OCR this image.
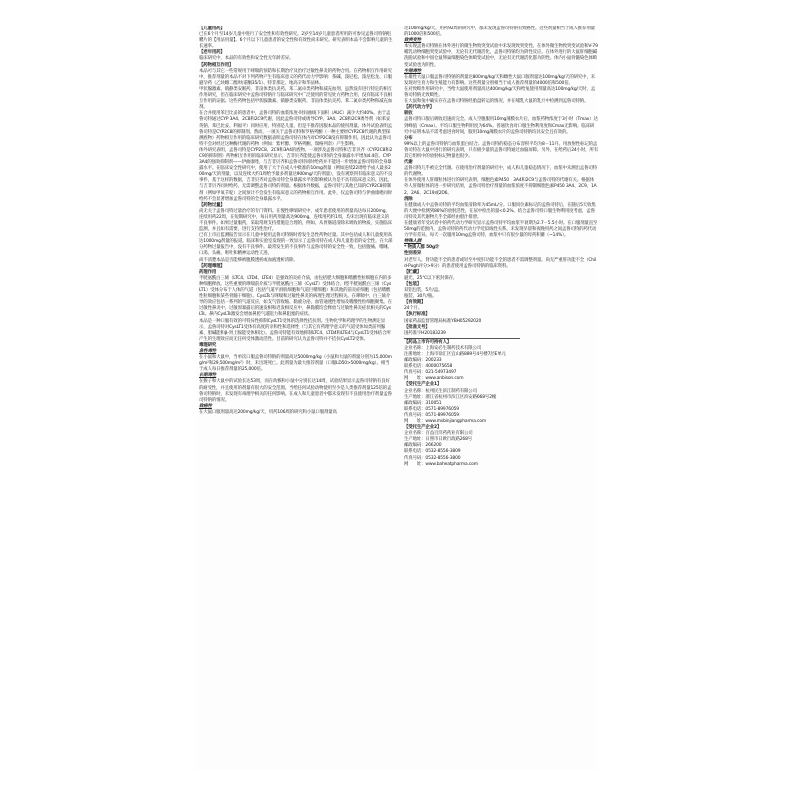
【儿童用药】

已在6个月至14岁儿童中进行了安全性和有效性研究。2岁至14岁儿童患者所用的可参见孟鲁司特钠咀嚼片的【用法用量】。6个月以下儿童患者的安全性和有效性尚未研究。研究表明本品不会影响儿童的生长速率。

【老年用药】

临床研究中，本品的有效性和安全性无年龄差异。

【药物相互作用】

本品可与其它一些常规用于哮喘的预防和长期治疗及治疗过敏性鼻炎的药物合用。在药物相互作用研究中，推荐剂量的本品不对下列药物产生有临床意义的药代动力学影响：茶碱、泼尼松、泼尼松龙、口服避孕药（乙炔雌二醇/炔诺酮35/1）、特非那定、地高辛和华法林。

甲状腺激素、镇静类安眠药、非甾体类抗炎药、苯二氮卓类药物和减充血剂，虽然没有进行特定的相互作用研究，但在临床研究中孟鲁司特钠片与临床研究中广泛使用的常见处方药物合用，没有临床不良相互作用的证据。这些药物包括甲状腺激素、镇静类安眠药、非甾体类抗炎药、苯二氮卓类药物和减充血剂。

在合并使用苯巴比妥的患者中，孟鲁司特的血浆浓度-时间曲线下面积（AUC）减少大约40%。由于孟鲁司特通过CYP 3A4、2C8和2C9代谢，因此孟鲁司特或诱导CYP、3A4、2C8和2C9诱导剂（如苯妥英钠、苯巴比妥、利福平）同时应用，特别是儿童，但是不推荐因服本品的使用剂量。体外试验表明孟鲁司特是CYP2C8的抑制剂。然而，一项关于孟鲁司特和罗格列酮（一种主要经CYP2C8代谢的典型探测底物）药物相互作用的临床研究数据表明孟鲁司特在体内对CYP2C8没有抑制作用。因此认为孟鲁司特不会对经过这种酶代谢的药物（例如：紫杉醇、罗格列酮、瑞格列奈）产生影响。

体外研究表明，孟鲁司特是CYP2C8、2C9和3A4的底物。一项涉及孟鲁司特和吉非贝齐（CYP2C8和2C9的抑制剂）药物相互作用的临床研究显示，吉非贝齐能使孟鲁司特的全身暴露水平增加4.4倍。CYP3A4的强效抑制剂——伊曲康唑，与吉非贝齐和孟鲁司特同时给药并不能进一步增加孟鲁司特的全身暴露水平。在临床安全性研究中，使用了大于在成人中批准的10mg剂量（例如连续22周给予成人最多200mg/天的剂量，以及连续大约1周给予最多剂量达900mg/天的剂量），没有观察到有临床意义的不良事件，基于这样的数据，吉非贝齐对孟鲁司特全身暴露水平的影响被认为是不具有临床意义的。因此，与吉非贝齐同时给药，无需调整孟鲁司特的剂量。根据体外数据，孟鲁司特与其他已知的CYP2C8抑制剂（例如甲氧苄啶）之间预计不会发生有临床意义的药物相互作用。此外，仅孟鲁司特与伊曲康唑同时给药不会显著增加孟鲁司特的全身暴露水平。

【药物过量】

尚无关于孟鲁司特过量治疗的专门资料。在慢性哮喘研究中，成年患者使用的剂量高达每日200mg，连续用药22周，在短期研究中，每日用药剂量高达900mg，连续用药约1周，均未出现有临床意义的不良事件。如果过量服药，采取常规支持措施是合理的，例如，从胃肠道清除未吸收的物质，实施临床监测，并且如有需要，进行支持性治疗。

已有上市后监测报告显示在儿童中使用孟鲁司特钠时曾发生急性药物过量。其中包括成人和儿童使用高达1000mg剂量的报道。临床和实验室发现的一致显示了孟鲁司特在成人和儿童患者的安全性。在大部分药物过量报告中，没有不良事件。最常发生的不良事件与孟鲁司特的安全性一致，包括腹痛、嗜睡、口渴、头痛、呕吐和精神运动性亢进。

尚不清楚本品是否能够被腹膜透析或血液透析清除。

【药理毒理】

药理作用

半胱氨酰白三烯（LTC4、LTD4、LTE4）是强效的炎症介质，由包括肥大细胞和嗜酸性粒细胞在内的多种细胞释放。这些重要的哮喘前介质与半胱氨酰白三烯（CysLT）受体结合。I型半胱氨酰白三烯（CysLT1）受体分布于人体的气道（包括气道平滑肌细胞和气道巨噬细胞）和其他的前炎症细胞（包括嗜酸性粒细胞和某些骨髓干细胞）。CysLTs与哮喘和过敏性鼻炎的病理生理过程相关。在哮喘中，白三烯介导的效应包括一系列的气道反应，如支气管收缩、黏液分泌、血管通透性增加及嗜酸性粒细胞聚集。在过敏性鼻炎中，过敏原暴露后的速发相和迟发相反应中，鼻黏膜均会释放与过敏性鼻炎症状相关的CysLTs。鼻内CysLTs激发会增加鼻腔气道阻力和鼻阻塞的症状。

本品是一种口服有效的可特异性抑制CysLT1受体的选择性拮抗剂。生物化学和药理学的生物测定显示，孟鲁司特对CysLT1受体有高度的亲和性和选择性（与其它有药理学意义的气道受体如类前列腺素、胆碱能和β-肾上腺能受体相比）。孟鲁司特能有效地抑制LTC4、LTD4和LTE4与CysLT1受体结合所产生的生理效应而无任何受体激动活性。目前的研究认为孟鲁司特并不拮抗CysLT2受体。

毒理研究

急性毒性

在小鼠和大鼠中，当单次口服孟鲁司特钠的剂量高达5000mg/kg（小鼠和大鼠的剂量分别为15,000mg/m²和29,500mg/m²）时，未出现死亡。此剂量为最大推荐剂量（口服LD50>5000mg/kg）。相当于成人每日推荐剂量的25,000倍。

长期毒性

在猴子和大鼠中的试验长达53周，而在幼猴和小鼠中分别长达14周，试验结果显示孟鲁司特钠有良好的耐受性，并且使用的剂量有很大的安全范围。当给任何试验动物使用至少是人类推荐剂量125倍的孟鲁司特钠时，未发现有毒理学相关的任何影响。在成人和儿童患者中都未发现有不良使用治疗剂量孟鲁司特钠的情况。

致癌性

在大鼠口服剂量高达200mg/kg/天、用药106周的研究和小鼠口服剂量高

达100mg/kg/天，用药92周的研究中，都未发现孟鲁司特钠有致癌性。这些剂量相当于成人推荐剂量的1000倍和500倍。

致突变性

本实现孟鲁司特钠在体外进行的微生物致突变试验中未发现致突变性。在体外微生物致突变试验和V-79哺乳动物细胞突变试验中，无论有无代谢活化，孟鲁司特钠均为阴性反应。在体外进行的大鼠肝细胞碱洗脱试验和中国仓鼠卵巢细胞染色体畸变试验中，无论有无代谢活化都为阴性。体内小鼠骨髓染色体畸变试验也为阴性。

生殖毒性

在雄性大鼠口服孟鲁司特钠的剂量达800mg/kg/天和雌性大鼠口服剂量达100mg/kg/天的研究中，未发现对生育力和生殖能力有影响。这些剂量分别相当于成人推荐剂量的4000倍和500倍。

在对致畸作用研究中，当给大鼠使用剂量高达400mg/kg/天和给兔使用剂量高达100mg/kg/天时，孟鲁司特钠无致畸性。

在大鼠和兔中确实存在孟鲁司特钠经胎盘转运的情况，并在哺乳大鼠的乳汁中检测到孟鲁司特钠。

【药代动力学】

吸收

孟鲁司特口服后吸收迅速而完全。成人空腹服用10mg薄膜衣片后，血浆药物浓度于3小时（Tmax）达到峰值（Cmax）。平均口服生物利用度为64%。普通饮食对口服生物利用度和Cmax无影响。临床研究中证明本品不需考虑进食时间，服用10mg薄膜衣片的孟鲁司特钠均具安全且有效的。

分布

99%以上的孟鲁司特钠与血浆蛋白结合。孟鲁司特的稳态分布容积平均为8－11升。用放射性标记的孟鲁司特在大鼠中进行的研究表明，只有极少量的孟鲁司特通过血脑屏障。另外，在给药后24小时，所有其它组织中的放射标记物量也很少。

代谢

孟鲁司特几乎被完全代谢。在使用治疗剂量的研究中，成人和儿童稳态情况下，血浆中未测出孟鲁司特的代谢物。

在体外使用人肝微粒体进行的研究表明，细胞色素P450　3A4和2C9与孟鲁司特的代谢有关。根据体外人肝微粒体的进一步研究结果，孟鲁司特治疗剂量的血浆浓度不抑制细胞色素P450 3A4、2C9、1A2、2A6、2C19或2D6。

消除

在健康成人中孟鲁司特的平均血浆清除率为45mL/分。口服同位素标记的孟鲁司特后，在随后5天收集的大便中检测到86%的放射活性，在尿中检出的量<0.2%。结合孟鲁司特口服生物利用度考虑，孟鲁司特及其代谢物几乎全部经由胆汁排泄。

在健康青年受试者中的药代动力学研究显示孟鲁司特平均血浆半衰期为2.7－5.5小时。在口服剂量直至50mg的范围内，孟鲁司特的药代动力学近似线性关系。未发现早晨和夜晚用药之间孟鲁司特的药代动力学有差异。每天一次服用10mg孟鲁司特，血浆中只有很少量的母药积蓄（~14%）。

特殊人群

* 物质人群 50g计

性别差异

对老年人，肾功能不全的患者或轻至中度肝功能不全的患者不需调整剂量。尚无严重肝功能不全（Child-Pugh评分>9分）的患者使用孟鲁司特钠的临床资料。

【贮藏】

避光，25℃以下密封保存。

【包装】

双铝包装，5片/盒。

瓶装，30片/瓶。

【有效期】

24个月。

【执行标准】

国家药品监督管理局标准YBH05292020

【批准文号】

国药准字H20183239

【药品上市许可持有人】

企业名称：上海安必生制药技术有限公司

注册地址：上海市徐汇区宜山路889号4号楼7层E单元

邮政编码：200233

联系电话：4000075658

传真号码：021-54973497

网　　址：www.anbison.com

【受托生产企业1】

企业名称：杭州民生滨江制药有限公司

生产地址：浙江省杭州市滨江区滨安路668号2幢

邮政编码：310051

联系电话：0571-89976059

传真号码：0571-89976059

网　　址：www.msbinjiangpharma.com

【受托生产企业2】

企业名称：百益百洋药药业有限公司

生产地址：日照市日欧行政路268号

邮政编码：266200

联系电话：0532-8556-3809

传真号码：0532-8556-3800

网　　址：www.baheatpharma.com
